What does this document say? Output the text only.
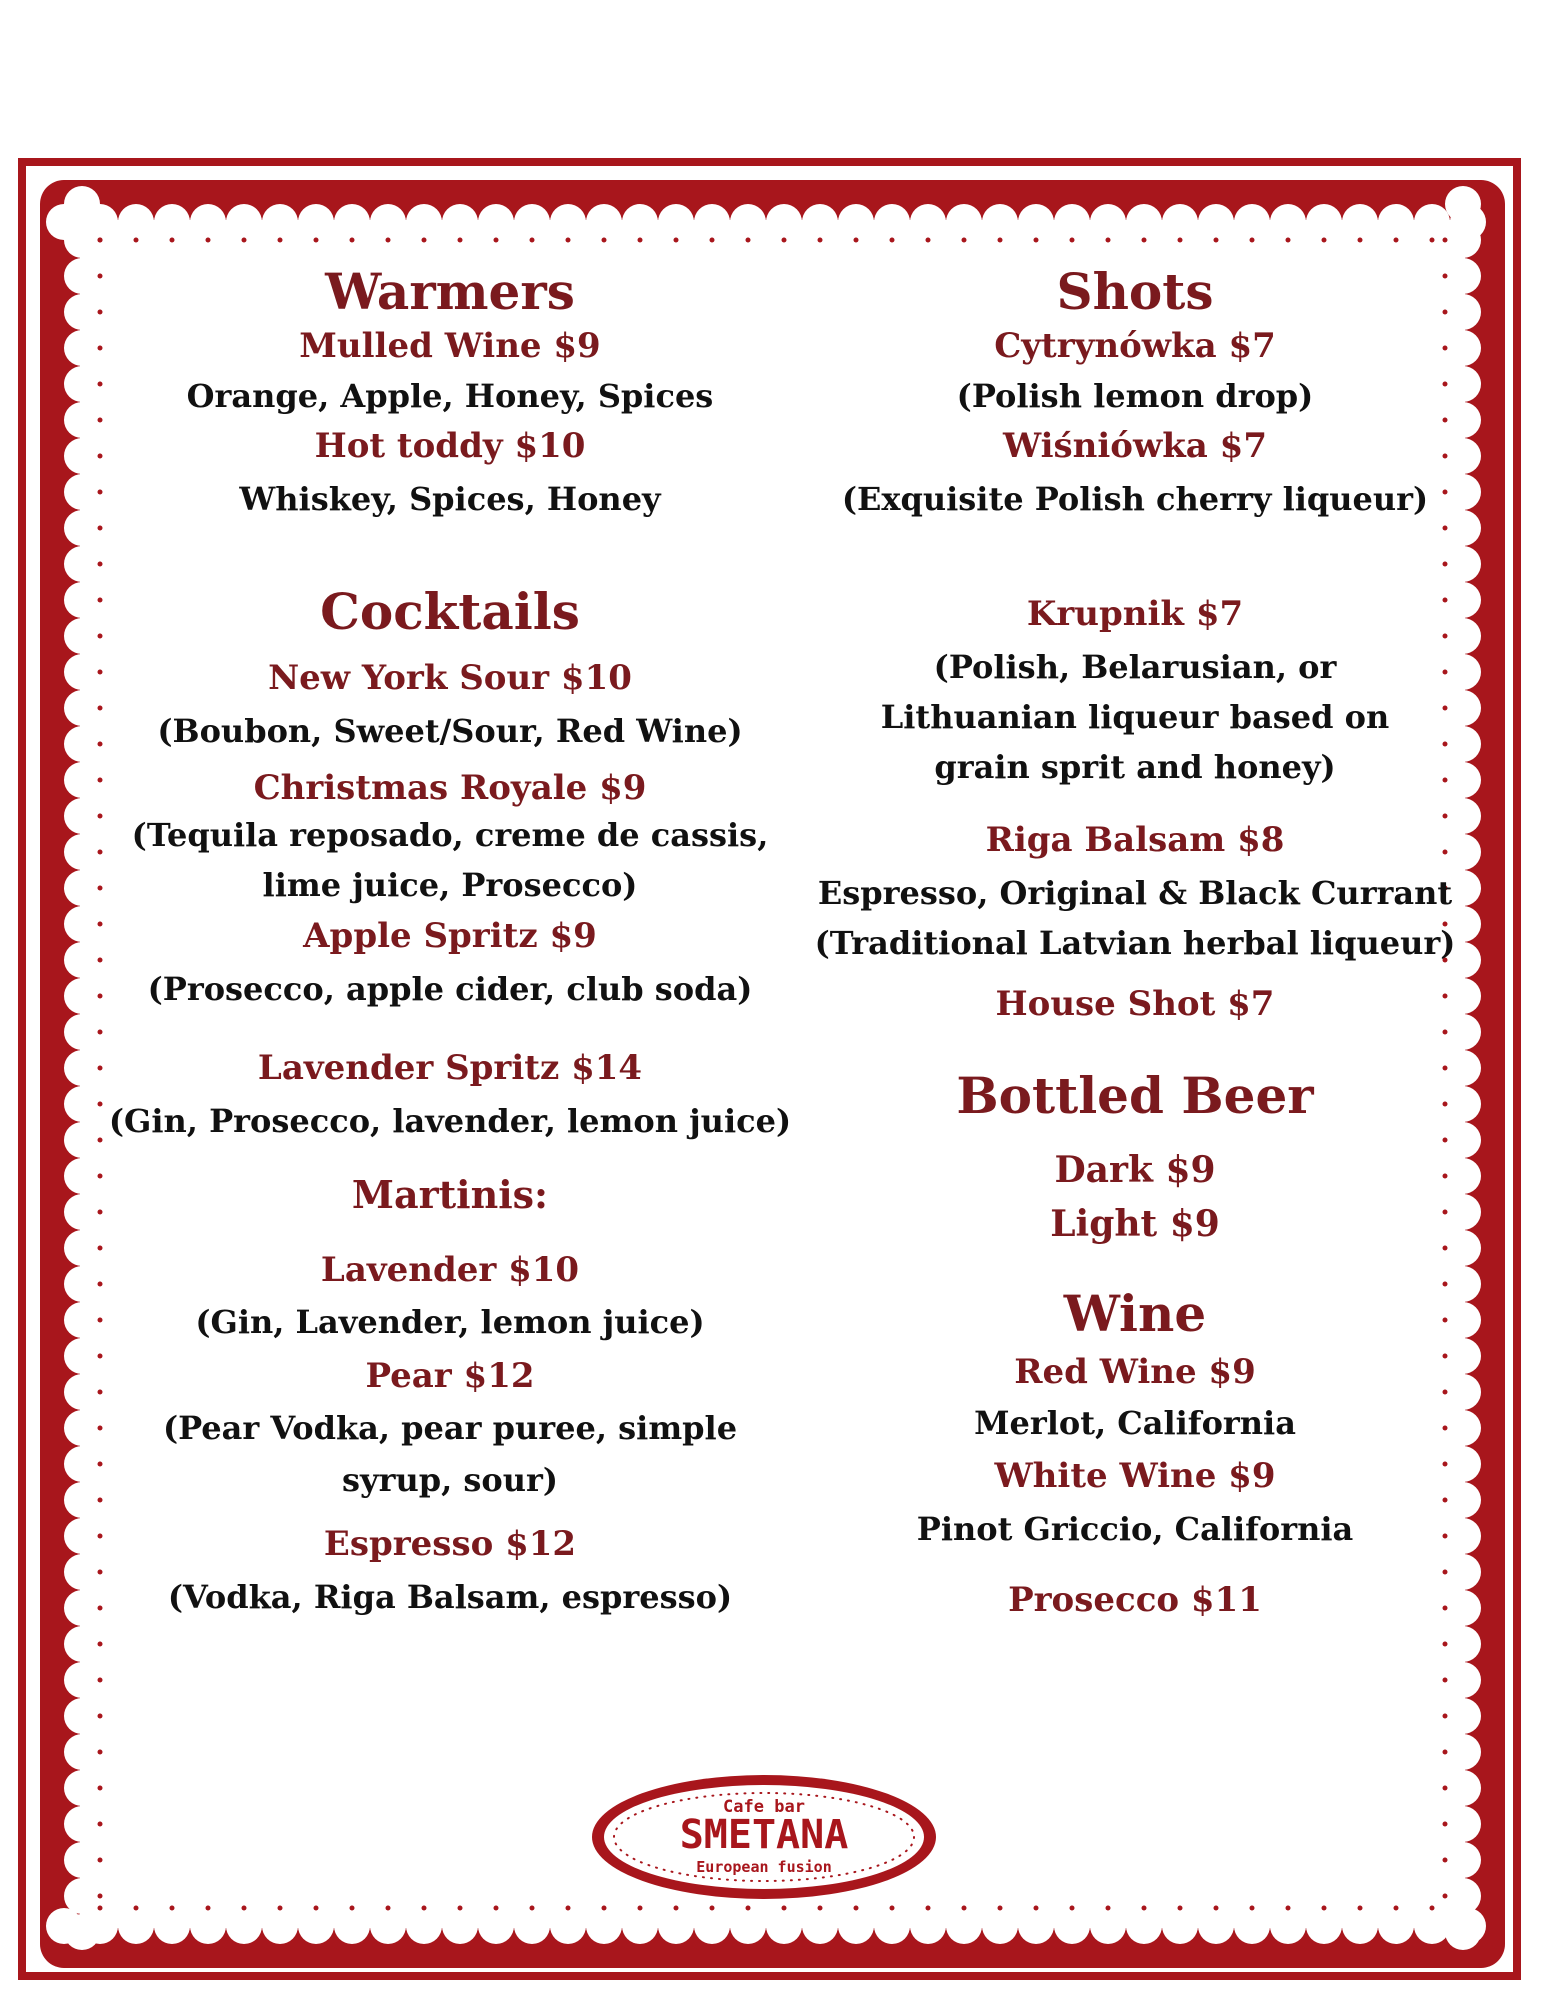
Warmers

Mulled Wine $9

Orange, Apple, Honey, Spices

Hot toddy $10

Whiskey, Spices, Honey

Cocktails

New York Sour $10

(Boubon, Sweet/Sour, Red Wine)

Christmas Royale $9

(Tequila reposado, creme de cassis,
lime juice, Prosecco)

Apple Spritz $9

(Prosecco, apple cider, club soda)

Lavender Spritz $14

(Gin, Prosecco, lavender, lemon juice)

Martinis:

Lavender $10

(Gin, Lavender, lemon juice)

Pear $12

(Pear Vodka, pear puree, simple
syrup, sour)

Espresso $12

(Vodka, Riga Balsam, espresso)

Shots

Cytrynówka $7

(Polish lemon drop)

Wiśniówka $7

(Exquisite Polish cherry liqueur)

Krupnik $7

(Polish, Belarusian, or
Lithuanian liqueur based on
grain sprit and honey)

Riga Balsam $8

Espresso, Original & Black Currant
(Traditional Latvian herbal liqueur)

House Shot $7

Bottled Beer

Dark $9

Light $9

Wine

Red Wine $9

Merlot, California

White Wine $9

Pinot Griccio, California

Prosecco $11

Cafe bar
SMETANA
European fusion
